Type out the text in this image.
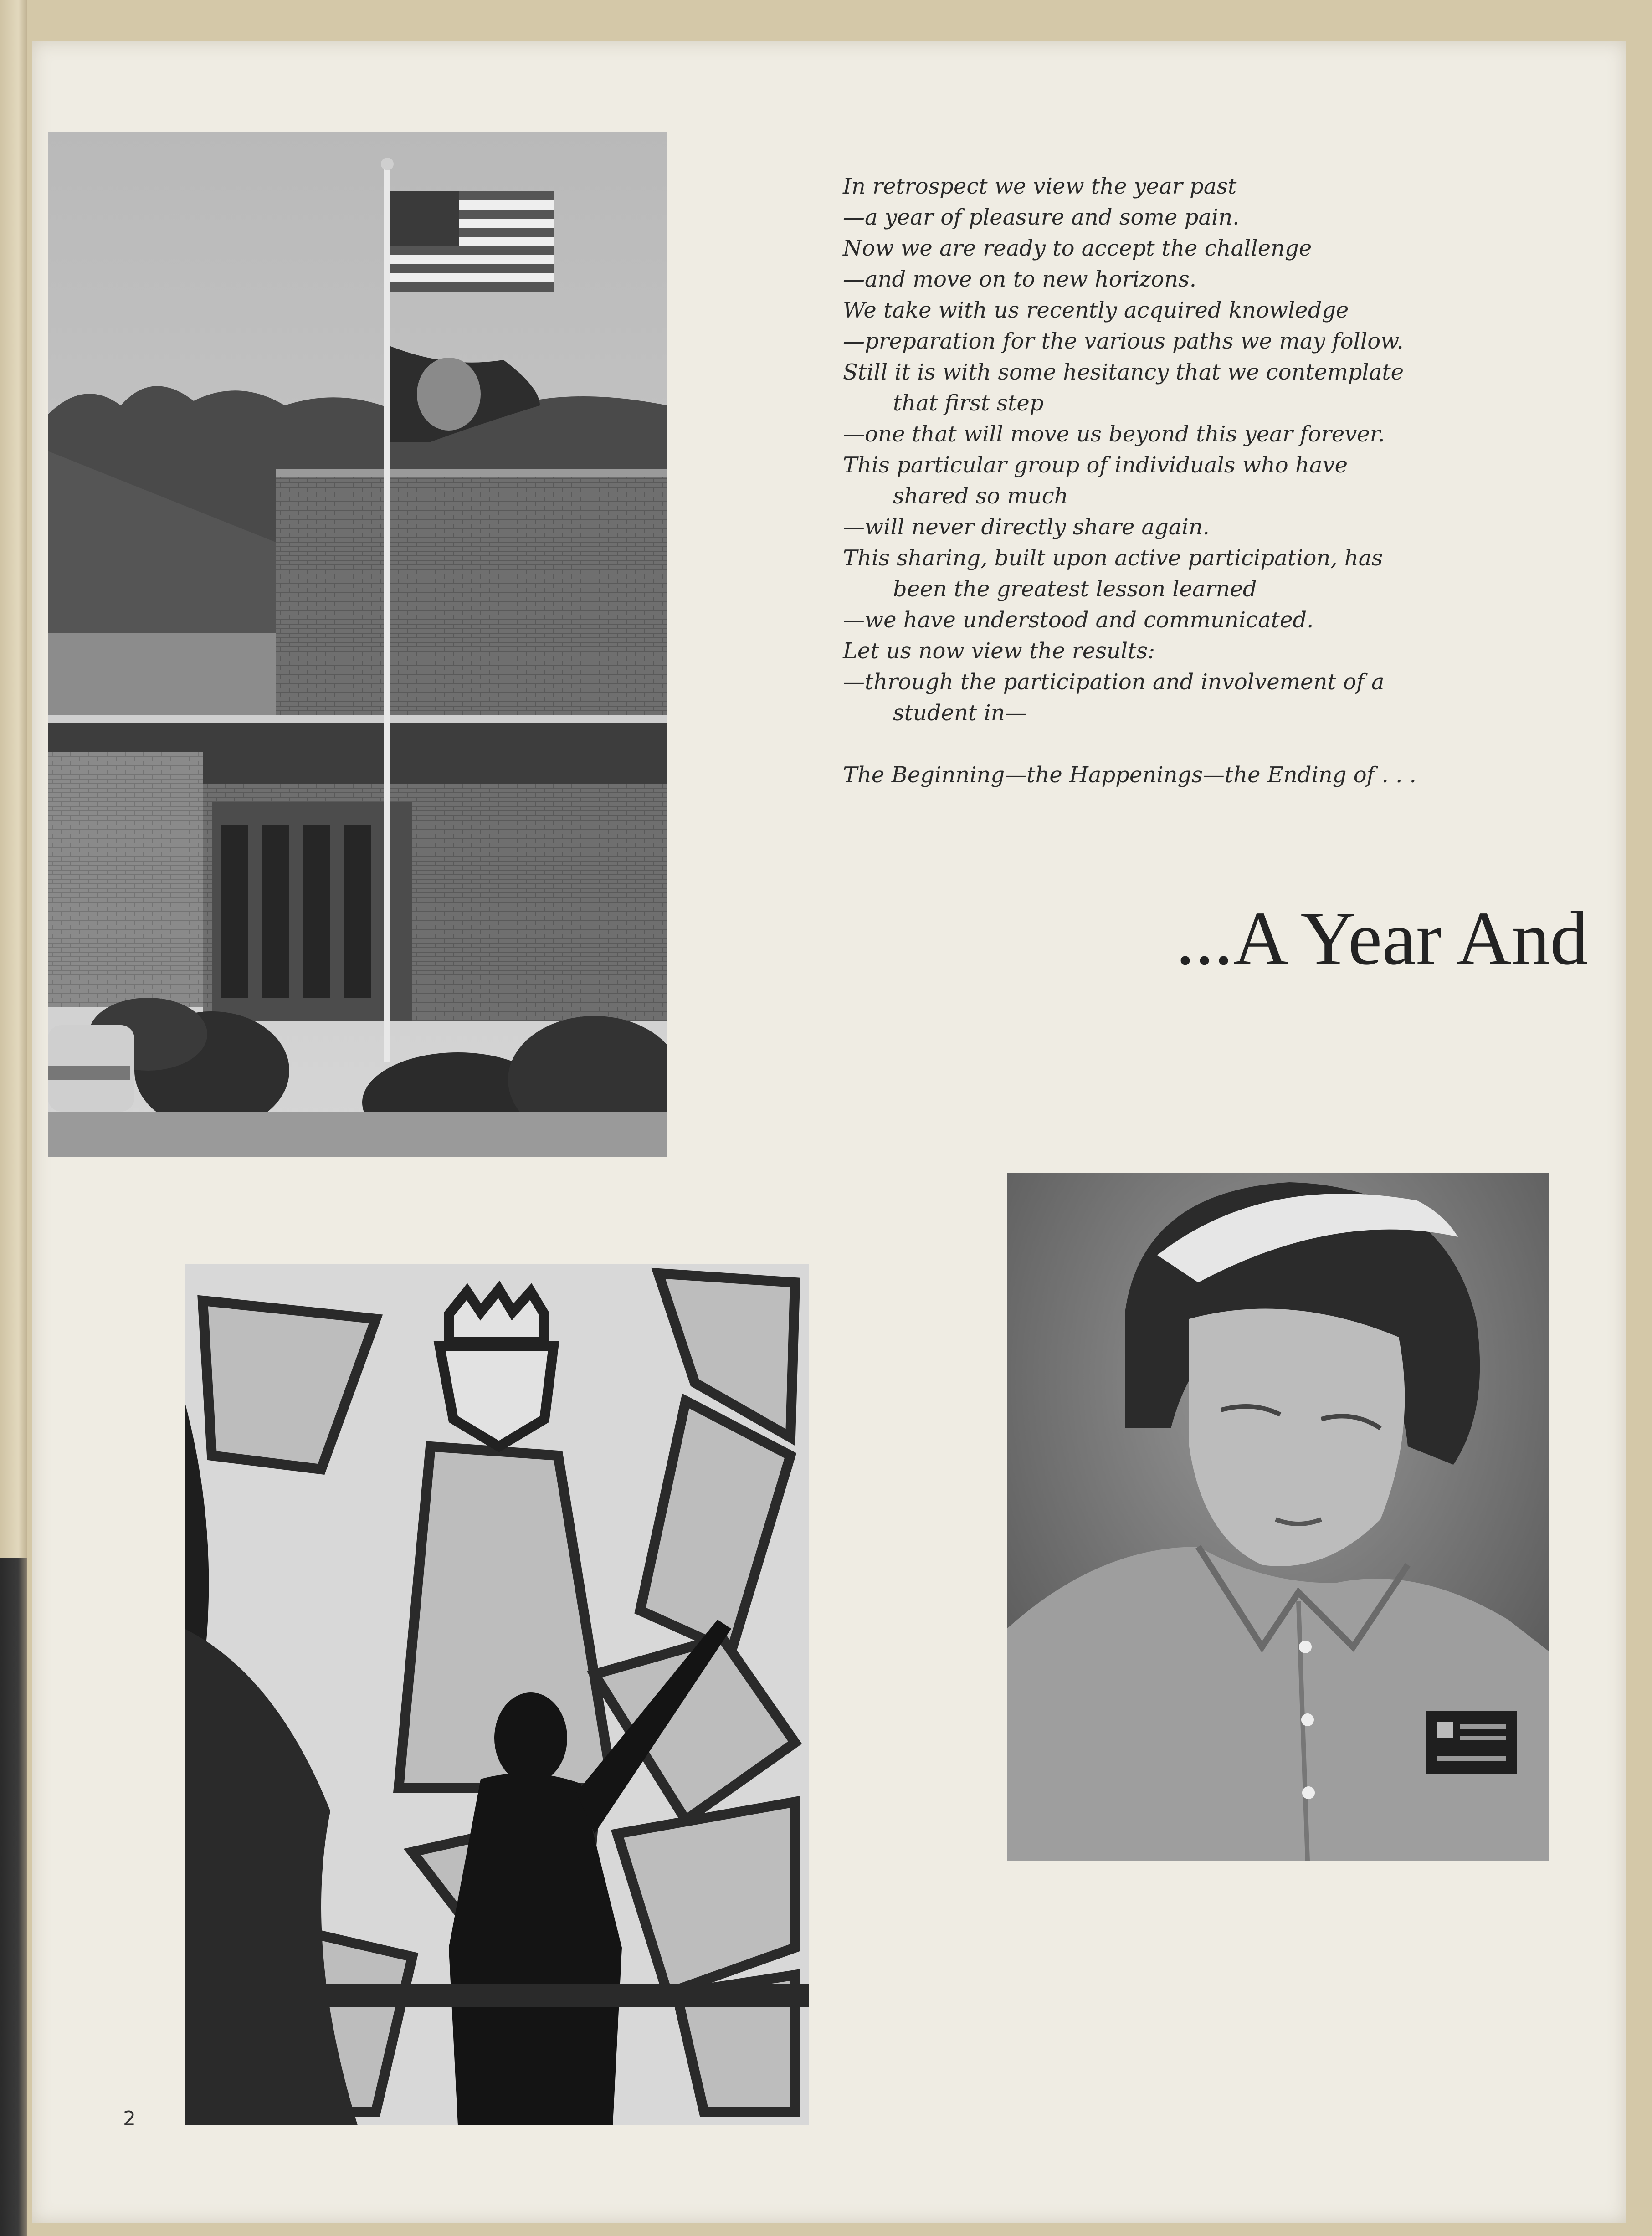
In retrospect we view the year past
—a year of pleasure and some pain.
Now we are ready to accept the challenge
—and move on to new horizons.
We take with us recently acquired knowledge
—preparation for the various paths we may follow.
Still it is with some hesitancy that we contemplate
that first step
—one that will move us beyond this year forever.
This particular group of individuals who have
shared so much
—will never directly share again.
This sharing, built upon active participation, has
been the greatest lesson learned
—we have understood and communicated.
Let us now view the results:
—through the participation and involvement of a
student in—
The Beginning—the Happenings—the Ending of . . .
...A Year And
2
